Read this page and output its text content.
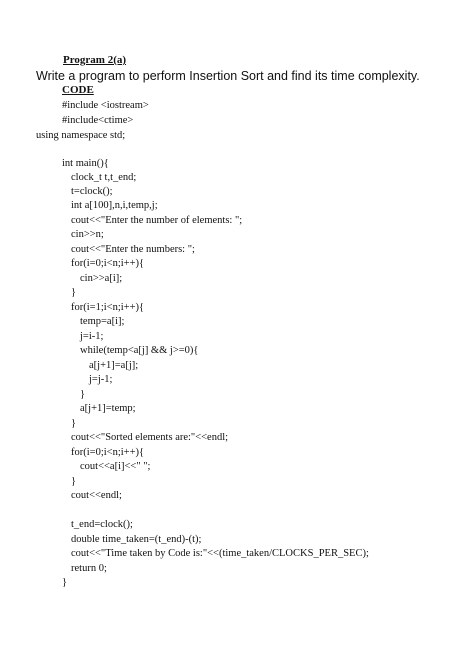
Program 2(a)
Write a program to perform Insertion Sort and find its time complexity.
CODE
#include <iostream>
#include<ctime>
using namespace std;
int main(){
clock_t t,t_end;
t=clock();
int a[100],n,i,temp,j;
cout<<"Enter the number of elements: ";
cin>>n;
cout<<"Enter the numbers: ";
for(i=0;i<n;i++){
cin>>a[i];
}
for(i=1;i<n;i++){
temp=a[i];
j=i-1;
while(temp<a[j] && j>=0){
a[j+1]=a[j];
j=j-1;
}
a[j+1]=temp;
}
cout<<"Sorted elements are:"<<endl;
for(i=0;i<n;i++){
cout<<a[i]<<" ";
}
cout<<endl;
t_end=clock();
double time_taken=(t_end)-(t);
cout<<"Time taken by Code is:"<<(time_taken/CLOCKS_PER_SEC);
return 0;
}
